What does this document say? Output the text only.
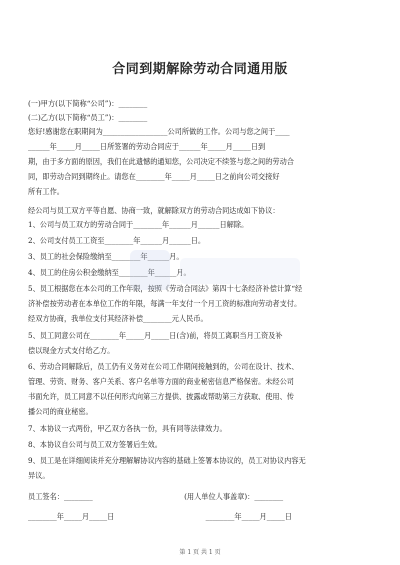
合同到期解除劳动合同通用版
(一)甲方(以下简称“公司”)：________
(二)乙方(以下简称“员工”)：________
您好!感谢您在职期间为__________________公司所做的工作。公司与您之间于____
______年_____月_____日所签署的劳动合同应于______年_____月_____日到
期，由于多方面的原因，我们在此遗憾的通知您，公司决定不续签与您之间的劳动合
同，即劳动合同到期终止。请您在________年_____月_____日之前向公司交接好
所有工作。
经公司与员工双方平等自愿、协商一致，就解除双方的劳动合同达成如下协议：
1、公司与员工双方的劳动合同于________年______月______日解除。
2、公司支付员工工资至________年______月______日。
3、员工的社会保险缴纳至________年______月。
4、员工的住房公积金缴纳至________年______月。
5、员工根据您在本公司的工作年限，按照《劳动合同法》第四十七条经济补偿计算“经
济补偿按劳动者在本单位工作的年限，每满一年支付一个月工资的标准向劳动者支付。
经双方协商，我单位支付其经济补偿________元人民币。
5、员工同意公司在________年_____月_____日(含)前，将员工离职当月工资及补
偿以现金方式支付给乙方。
6、劳动合同解除后，员工仍有义务对在公司工作期间接触到的，公司在设计、技术、
管理、劳资、财务、客户关系、客户名单等方面的商业秘密信息严格保密。未经公司
书面允许，员工同意不以任何形式向第三方提供、披露或帮助第三方获取、使用、传
播公司的商业秘密。
7、本协议一式两份，甲乙双方各执一份，具有同等法律效力。
8、本协议自公司与员工双方签署后生效。
9、员工是在详细阅读并充分理解解协议内容的基础上签署本协议的，员工对协议内容无
异议。
员工签名：________                                        (用人单位人事盖章)：________
________年_____月_____日                                        ________年_____月_____日
第 1 页 共 1 页
